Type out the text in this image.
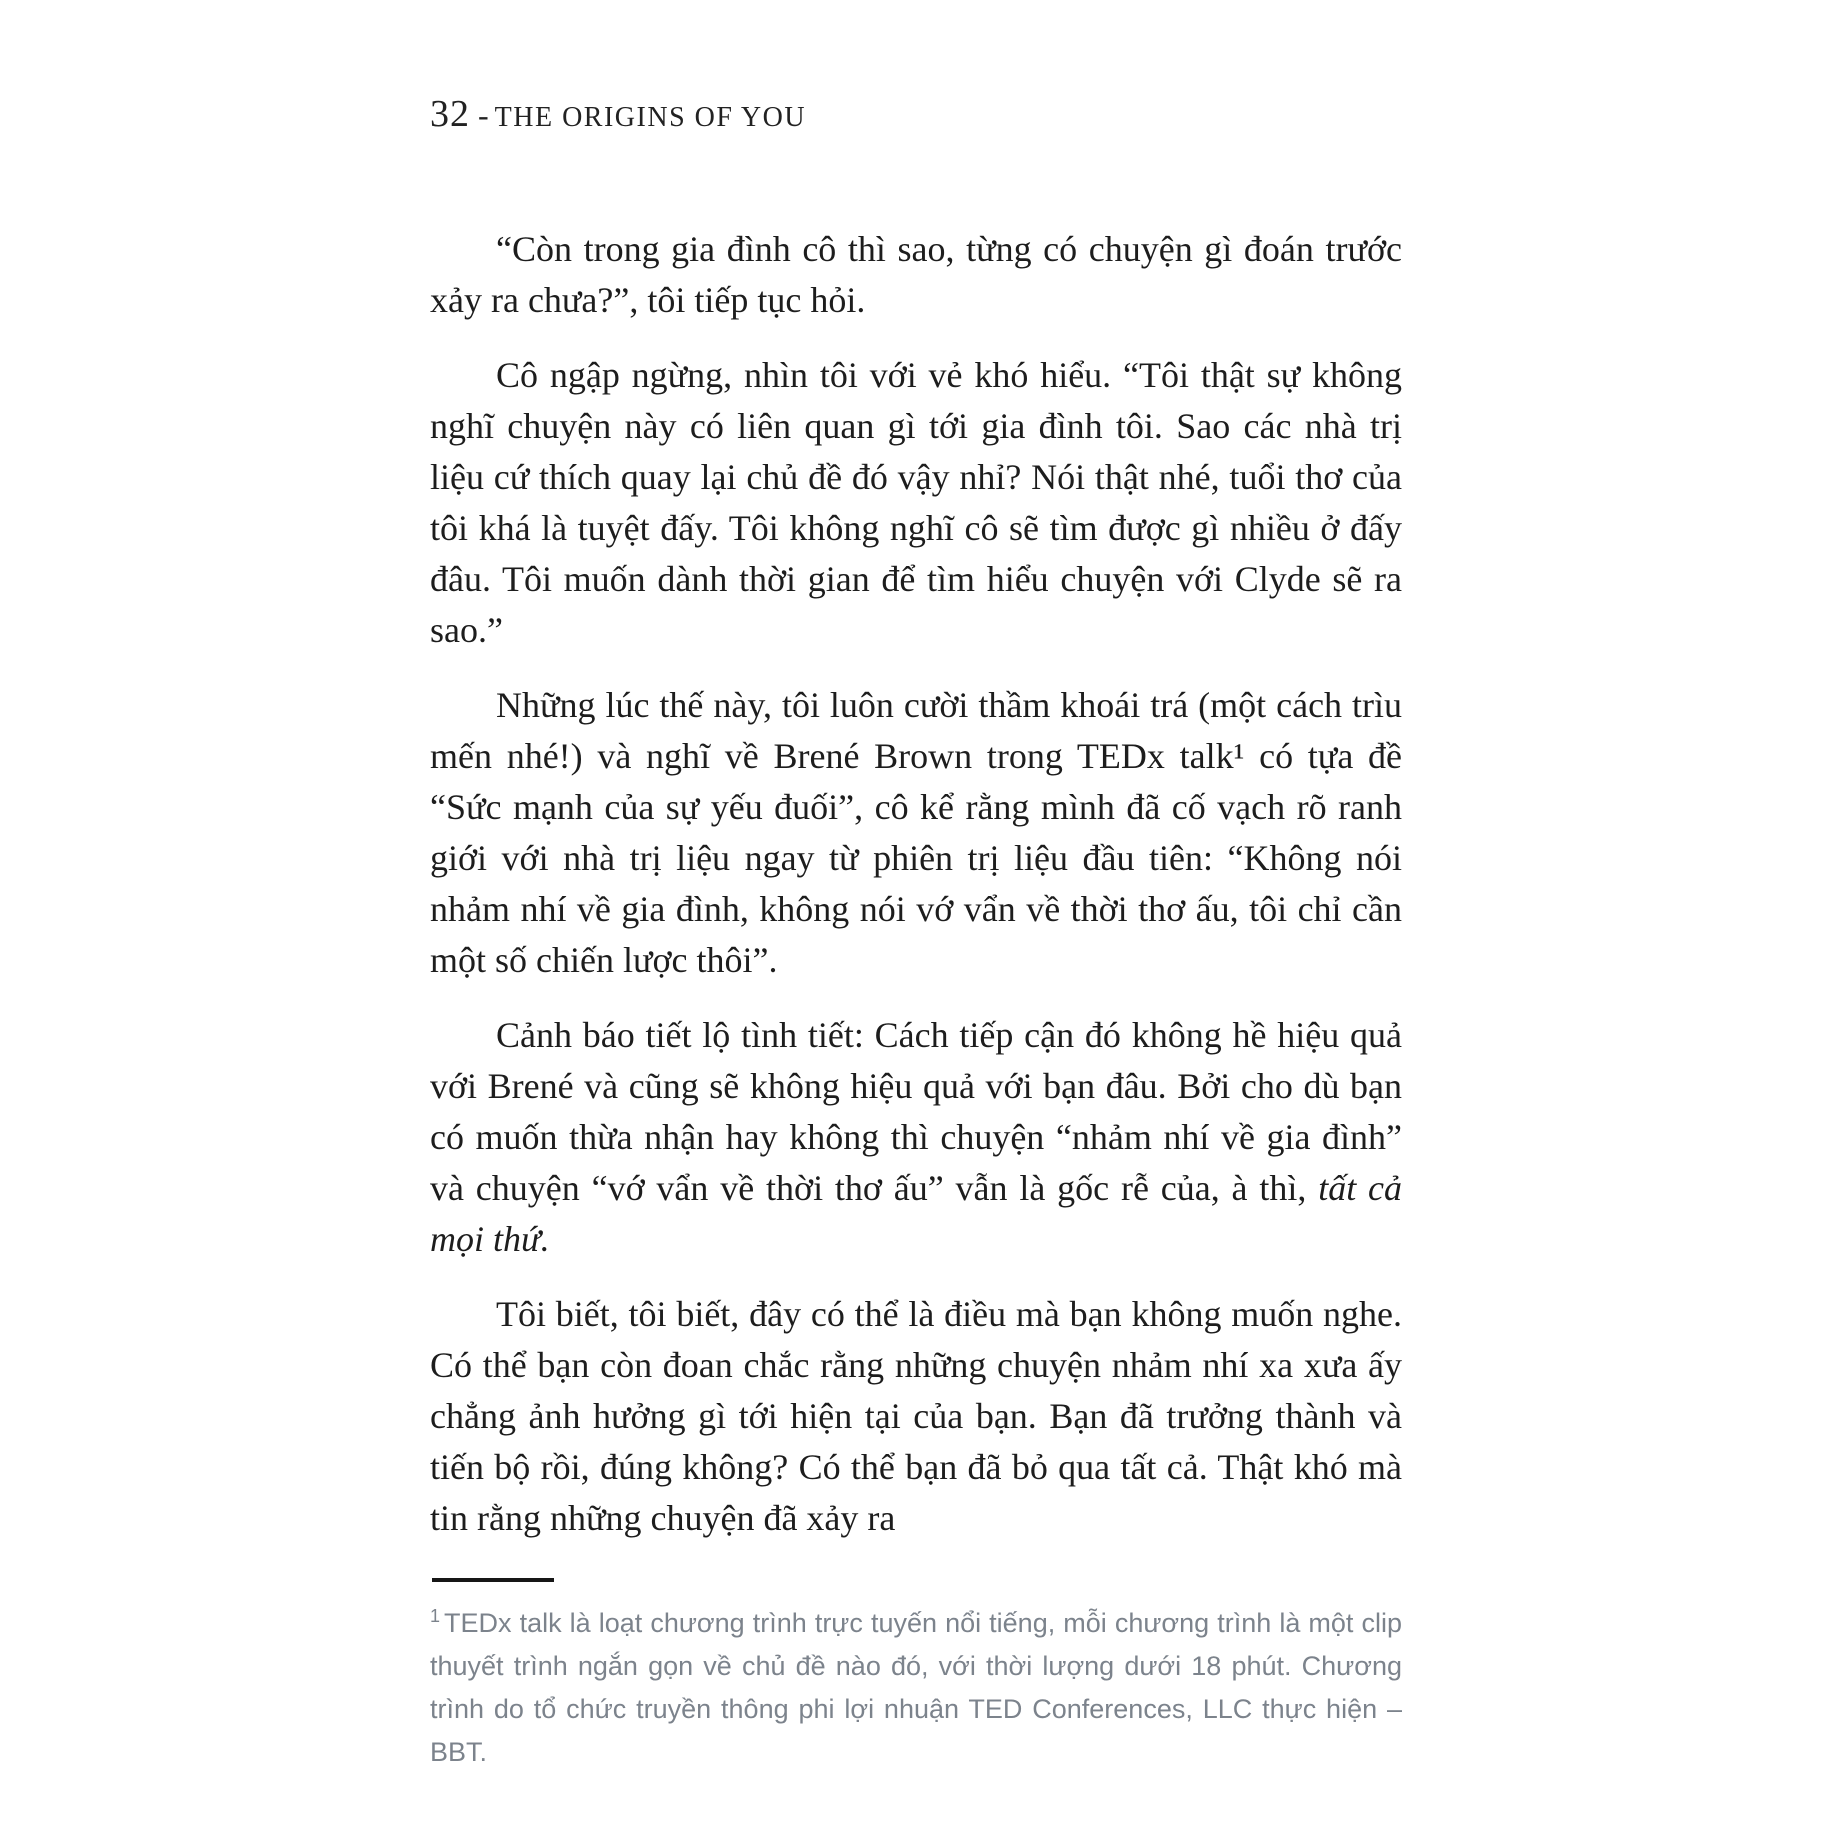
32 - THE ORIGINS OF YOU

“Còn trong gia đình cô thì sao, từng có chuyện gì đoán trước xảy ra chưa?”, tôi tiếp tục hỏi.

Cô ngập ngừng, nhìn tôi với vẻ khó hiểu. “Tôi thật sự không nghĩ chuyện này có liên quan gì tới gia đình tôi. Sao các nhà trị liệu cứ thích quay lại chủ đề đó vậy nhỉ? Nói thật nhé, tuổi thơ của tôi khá là tuyệt đấy. Tôi không nghĩ cô sẽ tìm được gì nhiều ở đấy đâu. Tôi muốn dành thời gian để tìm hiểu chuyện với Clyde sẽ ra sao.”

Những lúc thế này, tôi luôn cười thầm khoái trá (một cách trìu mến nhé!) và nghĩ về Brené Brown trong TEDx talk¹ có tựa đề “Sức mạnh của sự yếu đuối”, cô kể rằng mình đã cố vạch rõ ranh giới với nhà trị liệu ngay từ phiên trị liệu đầu tiên: “Không nói nhảm nhí về gia đình, không nói vớ vẩn về thời thơ ấu, tôi chỉ cần một số chiến lược thôi”.

Cảnh báo tiết lộ tình tiết: Cách tiếp cận đó không hề hiệu quả với Brené và cũng sẽ không hiệu quả với bạn đâu. Bởi cho dù bạn có muốn thừa nhận hay không thì chuyện “nhảm nhí về gia đình” và chuyện “vớ vẩn về thời thơ ấu” vẫn là gốc rễ của, à thì, tất cả mọi thứ.

Tôi biết, tôi biết, đây có thể là điều mà bạn không muốn nghe. Có thể bạn còn đoan chắc rằng những chuyện nhảm nhí xa xưa ấy chẳng ảnh hưởng gì tới hiện tại của bạn. Bạn đã trưởng thành và tiến bộ rồi, đúng không? Có thể bạn đã bỏ qua tất cả. Thật khó mà tin rằng những chuyện đã xảy ra

$^1$ TEDx talk là loạt chương trình trực tuyến nổi tiếng, mỗi chương trình là một clip thuyết trình ngắn gọn về chủ đề nào đó, với thời lượng dưới 18 phút. Chương trình do tổ chức truyền thông phi lợi nhuận TED Conferences, LLC thực hiện – BBT.
